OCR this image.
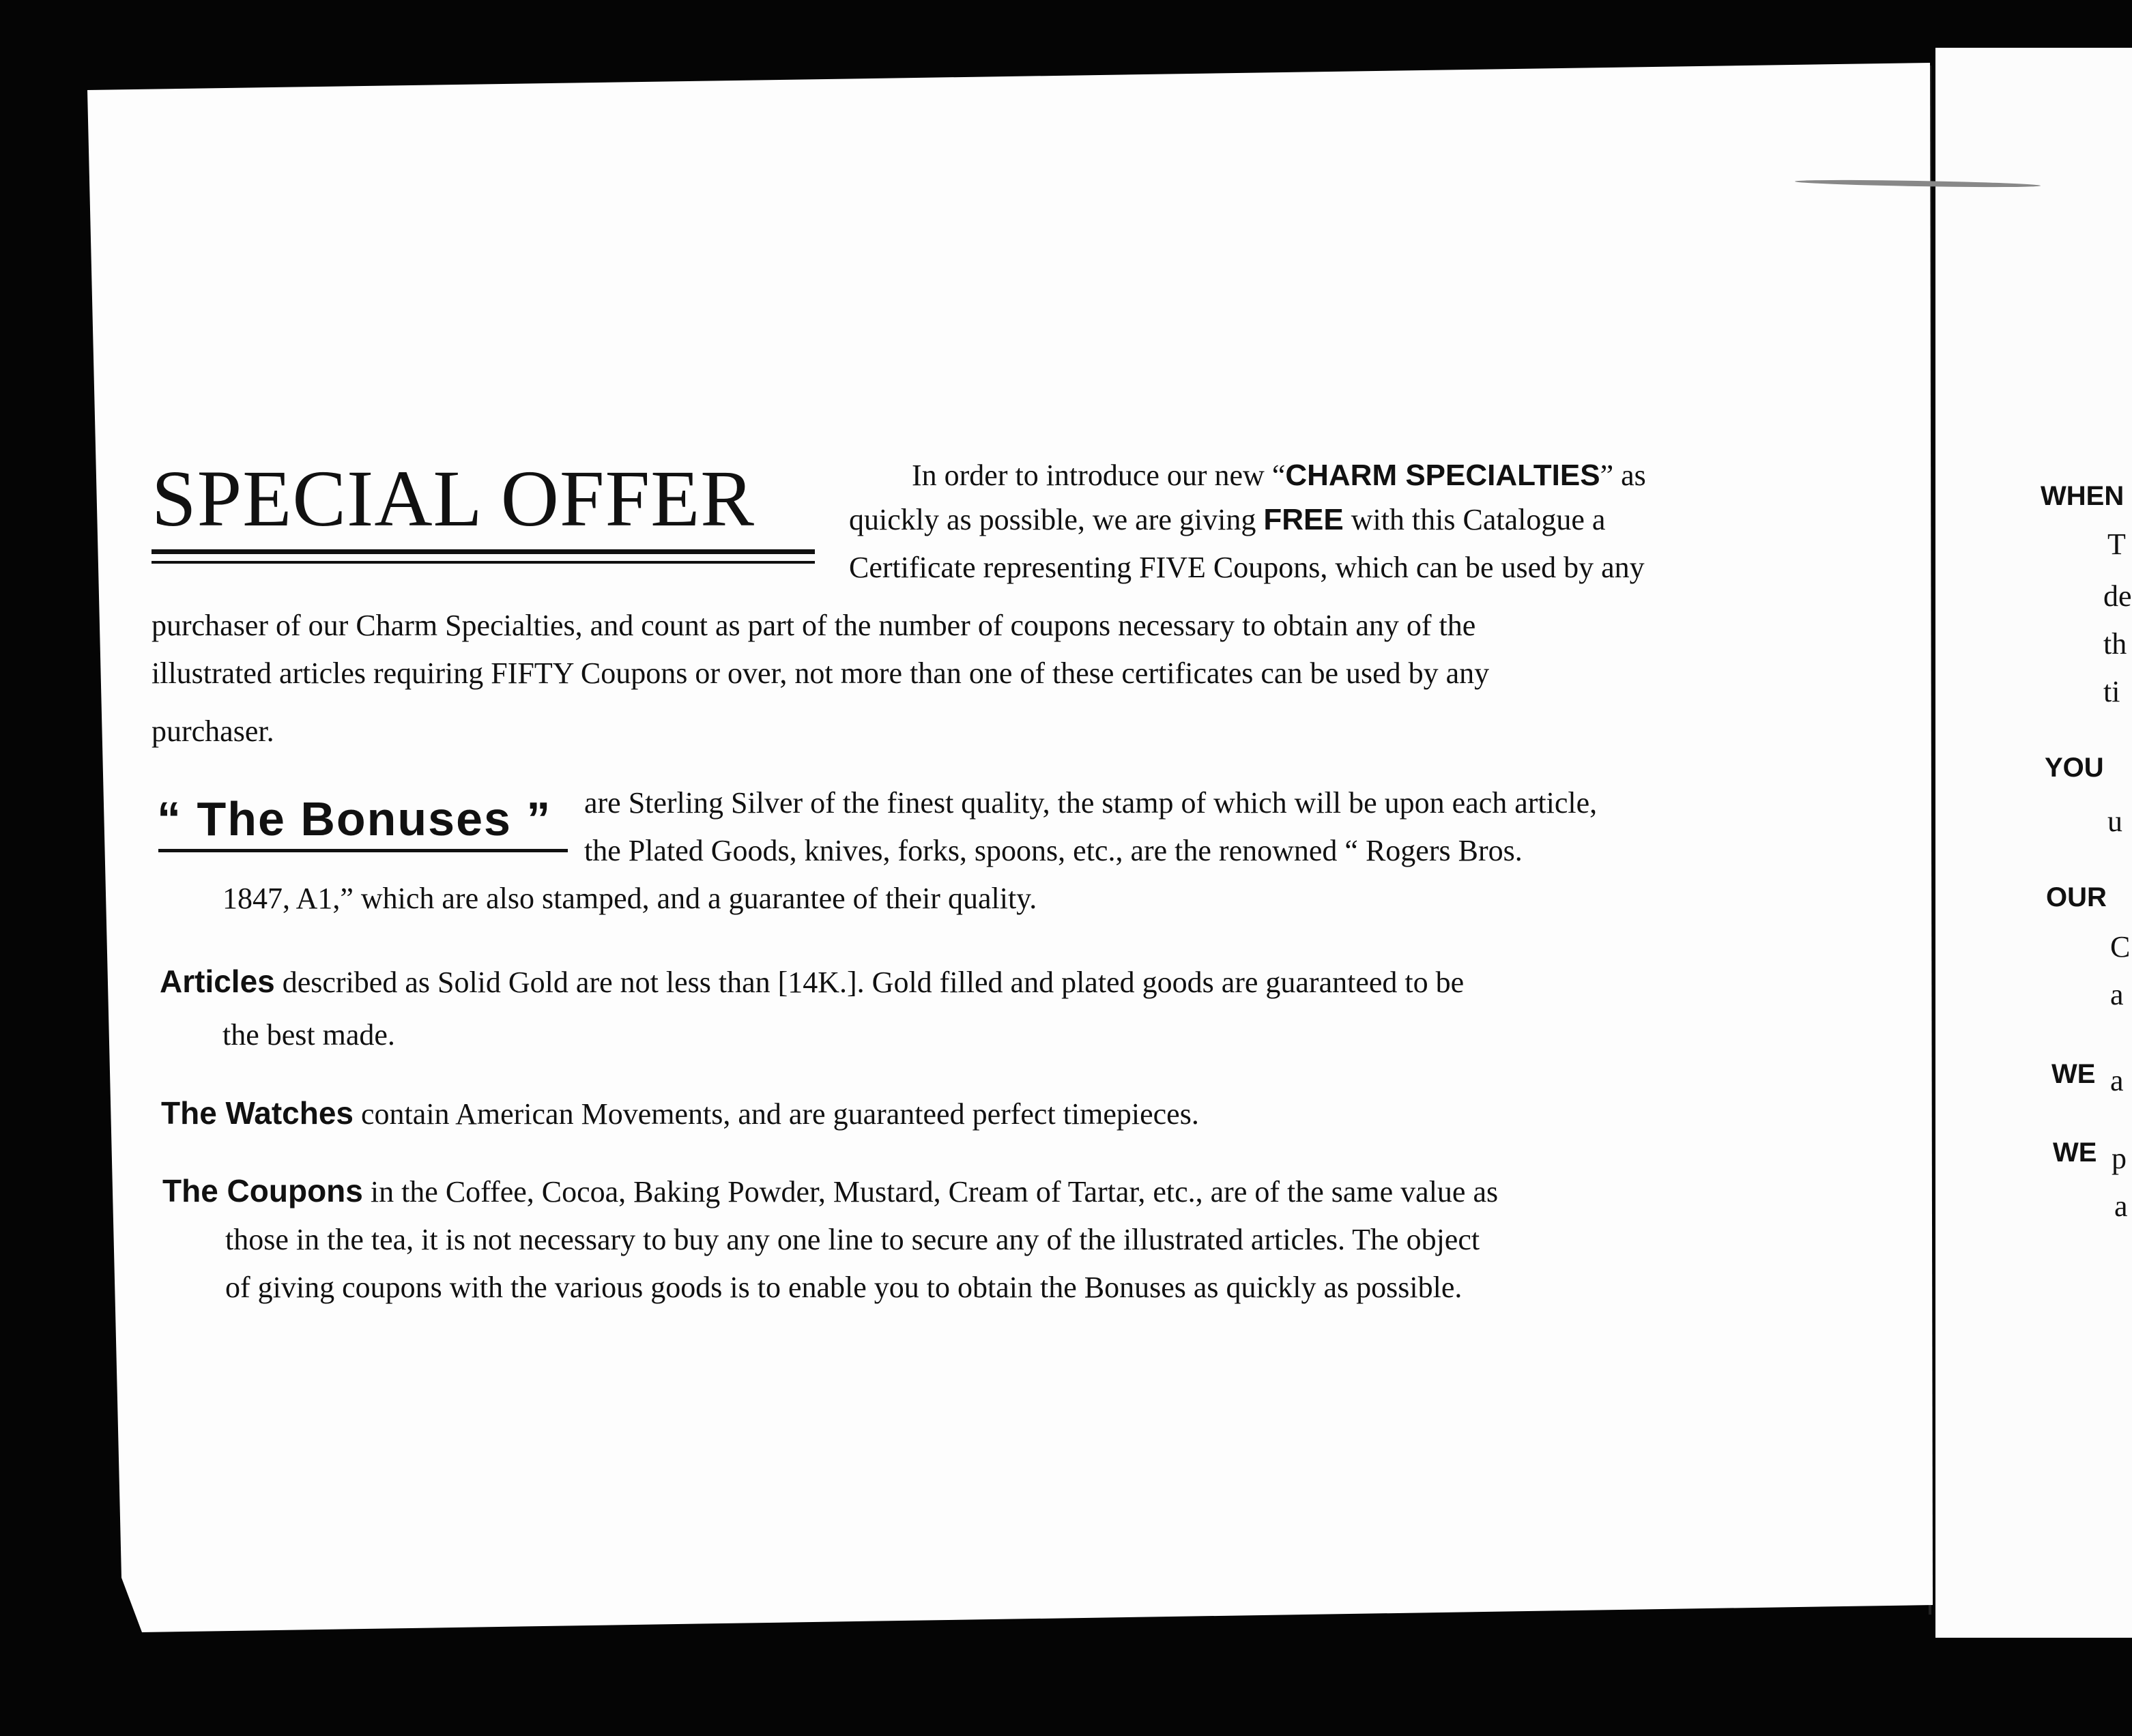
SPECIAL OFFER	In order to introduce our new “CHARM SPECIALTIES” as
quickly as possible, we are giving FREE with this Catalogue a
Certificate representing FIVE Coupons, which can be used by any
purchaser of our Charm Specialties, and count as part of the number of coupons necessary to obtain any of the
illustrated articles requiring FIFTY Coupons or over, not more than one of these certificates can be used by any
purchaser.
“ The Bonuses ” are Sterling Silver of the finest quality, the stamp of which will be upon each article,
the Plated Goods, knives, forks, spoons, etc., are the renowned “ Rogers Bros.
1847, A1,” which are also stamped, and a guarantee of their quality.
Articles described as Solid Gold are not less than [14K.]. Gold filled and plated goods are guaranteed to be
the best made.
The Watches contain American Movements, and are guaranteed perfect timepieces.
The Coupons in the Coffee, Cocoa, Baking Powder, Mustard, Cream of Tartar, etc., are of the same value as
those in the tea, it is not necessary to buy any one line to secure any of the illustrated articles. The object
of giving coupons with the various goods is to enable you to obtain the Bonuses as quickly as possible.
WHEN
T
de
th
ti
YOU
u
OUR
C
a
WE a
WE p
a
